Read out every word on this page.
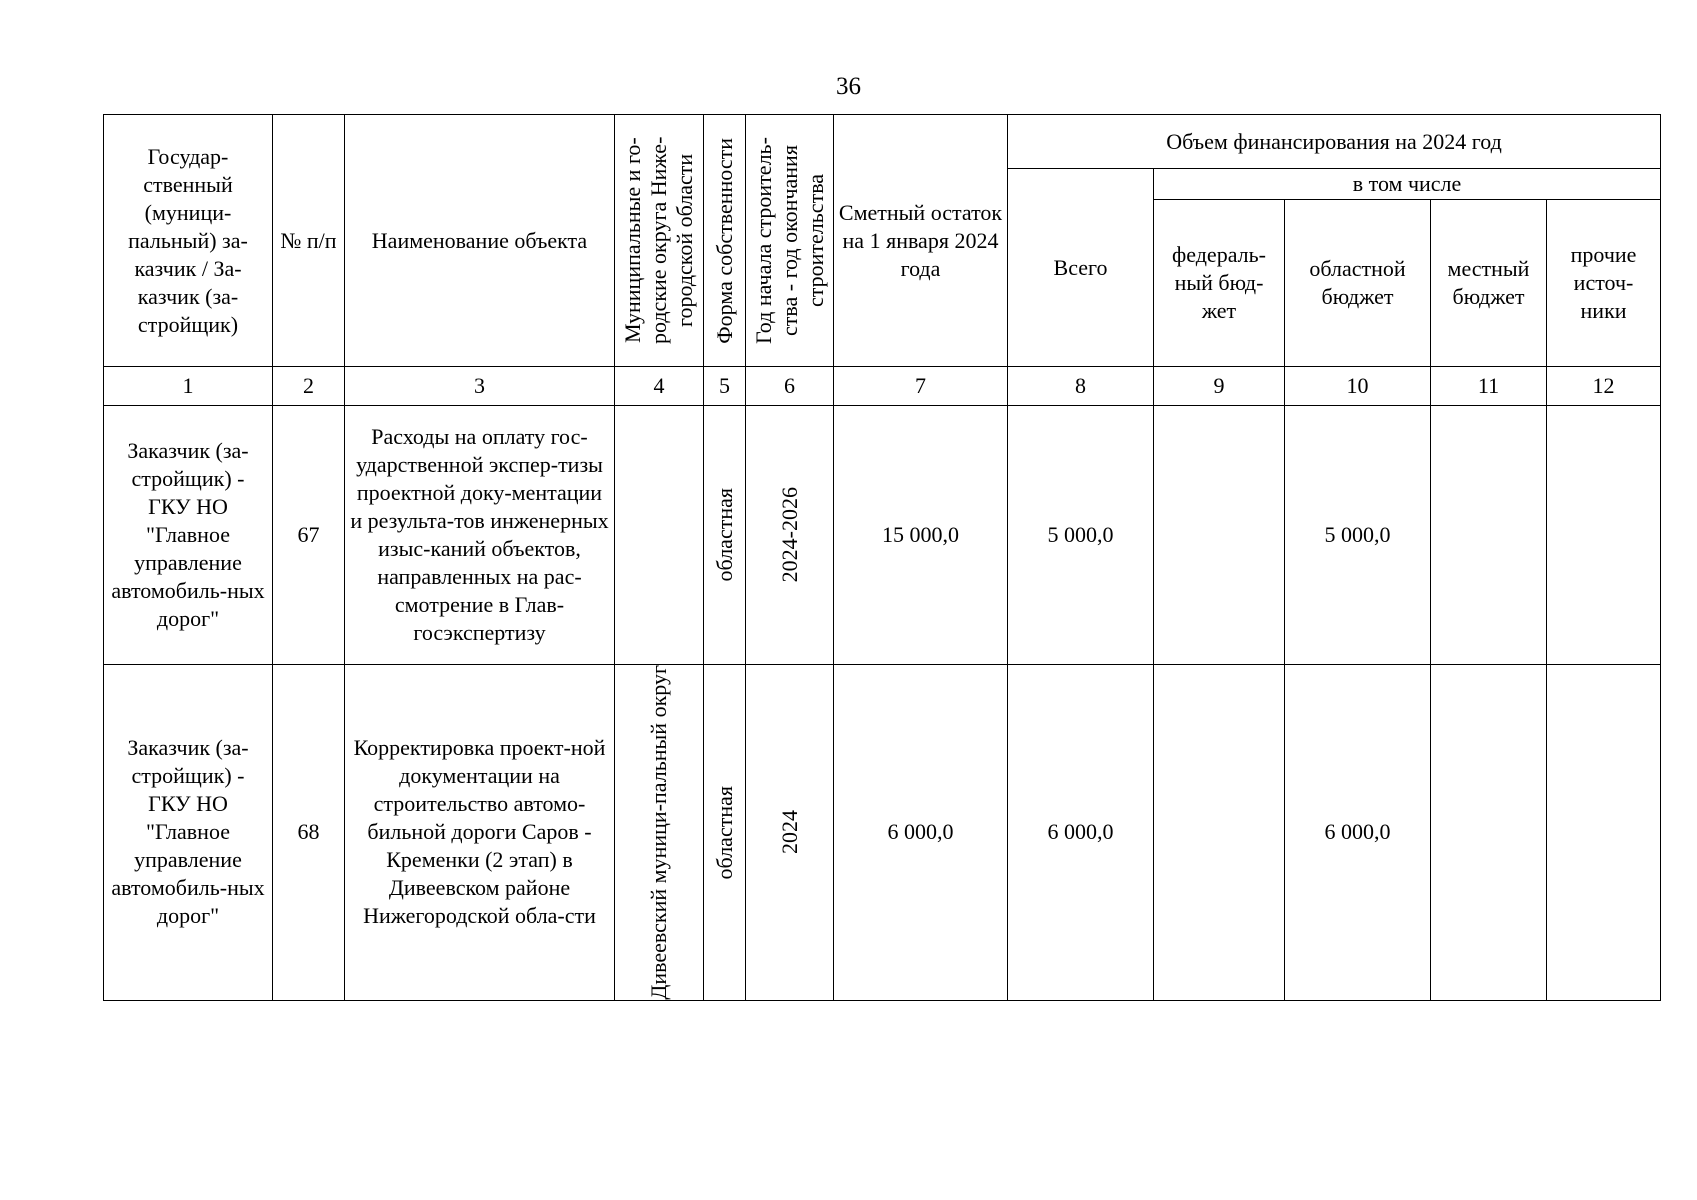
36
Государ-ственный (муници-пальный) за-казчик / За-казчик (за-стройщик)	№ п/п	Наименование объекта	Муниципальные и го-родские округа Ниже-городской области	Форма собственности	Год начала строитель-ства - год окончания строительства	Сметный остаток на 1 января 2024 года	Объем финансирования на 2024 год				

							Всего	в том числе			

								федераль-ный бюд-жет	областной бюджет	местный бюджет	прочие источ-ники

1	2	3	4	5	6	7	8	9	10	11	12
Заказчик (за-стройщик) - ГКУ НО "Главное управление автомобиль-ных дорог"	67	Расходы на оплату гос-ударственной экспер-тизы проектной доку-ментации и результа-тов инженерных изыс-каний объектов, направленных на рас-смотрение в Глав-госэкспертизу		областная	2024-2026	15 000,0	5 000,0		5 000,0		
Заказчик (за-стройщик) - ГКУ НО "Главное управление автомобиль-ных дорог"	68	Корректировка проект-ной документации на строительство автомо-бильной дороги Саров - Кременки (2 этап) в Дивеевском районе Нижегородской обла-сти	Дивеевский муници-пальный округ	областная	2024	6 000,0	6 000,0		6 000,0		
